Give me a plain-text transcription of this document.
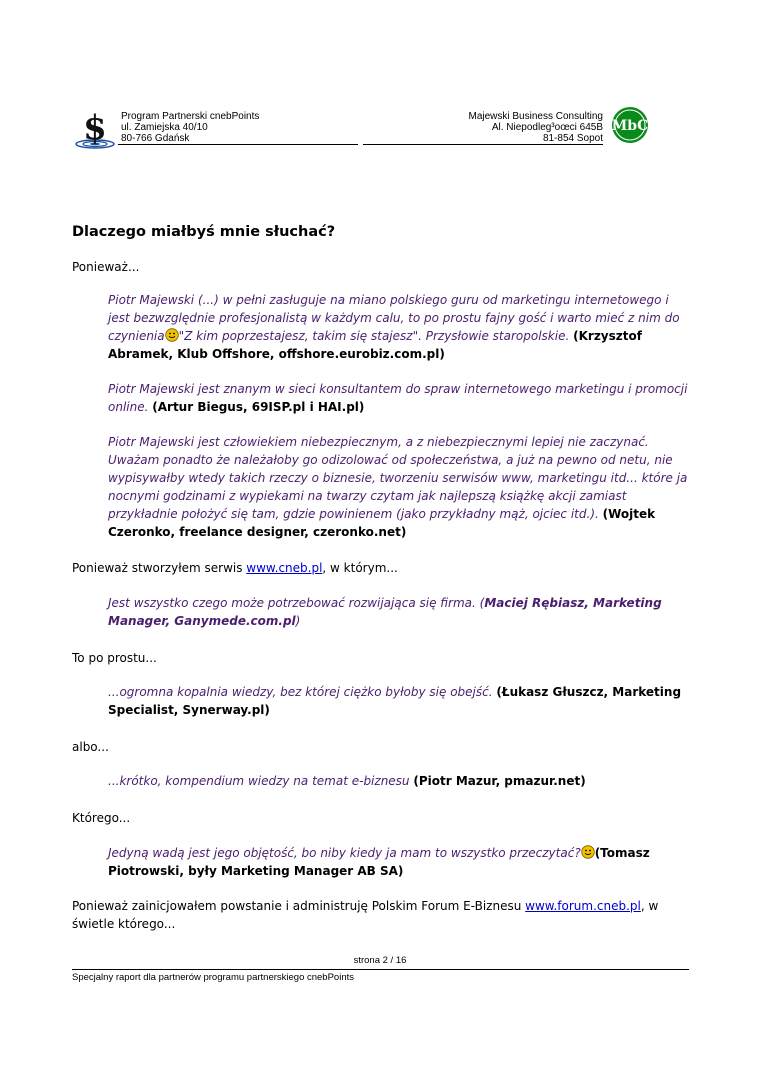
$ Program Partnerski cnebPoints
ul. Zamiejska 40/10
80-766 Gdańsk
Majewski Business Consulting
Al. Niepodleg³oœci 645B
81-854 Sopot
MbC
Dlaczego miałbyś mnie słuchać?
Ponieważ...
Piotr Majewski (...) w pełni zasługuje na miano polskiego guru od marketingu internetowego i jest bezwzględnie profesjonalistą w każdym calu, to po prostu fajny gość i warto mieć z nim do czynienia "Z kim poprzestajesz, takim się stajesz". Przysłowie staropolskie. (Krzysztof Abramek, Klub Offshore, offshore.eurobiz.com.pl)
Piotr Majewski jest znanym w sieci konsultantem do spraw internetowego marketingu i promocji online. (Artur Biegus, 69ISP.pl i HAI.pl)
Piotr Majewski jest człowiekiem niebezpiecznym, a z niebezpiecznymi lepiej nie zaczynać. Uważam ponadto że należałoby go odizolować od społeczeństwa, a już na pewno od netu, nie wypisywałby wtedy takich rzeczy o biznesie, tworzeniu serwisów www, marketingu itd... które ja nocnymi godzinami z wypiekami na twarzy czytam jak najlepszą książkę akcji zamiast przykładnie położyć się tam, gdzie powinienem (jako przykładny mąż, ojciec itd.). (Wojtek Czeronko, freelance designer, czeronko.net)
Ponieważ stworzyłem serwis www.cneb.pl, w którym...
Jest wszystko czego może potrzebować rozwijająca się firma. (Maciej Rębiasz, Marketing Manager, Ganymede.com.pl)
To po prostu...
...ogromna kopalnia wiedzy, bez której ciężko byłoby się obejść. (Łukasz Głuszcz, Marketing Specialist, Synerway.pl)
albo...
...krótko, kompendium wiedzy na temat e-biznesu (Piotr Mazur, pmazur.net)
Którego...
Jedyną wadą jest jego objętość, bo niby kiedy ja mam to wszystko przeczytać? (Tomasz Piotrowski, były Marketing Manager AB SA)
Ponieważ zainicjowałem powstanie i administruję Polskim Forum E-Biznesu www.forum.cneb.pl, w świetle którego...
strona 2 / 16
Specjalny raport dla partnerów programu partnerskiego cnebPoints
